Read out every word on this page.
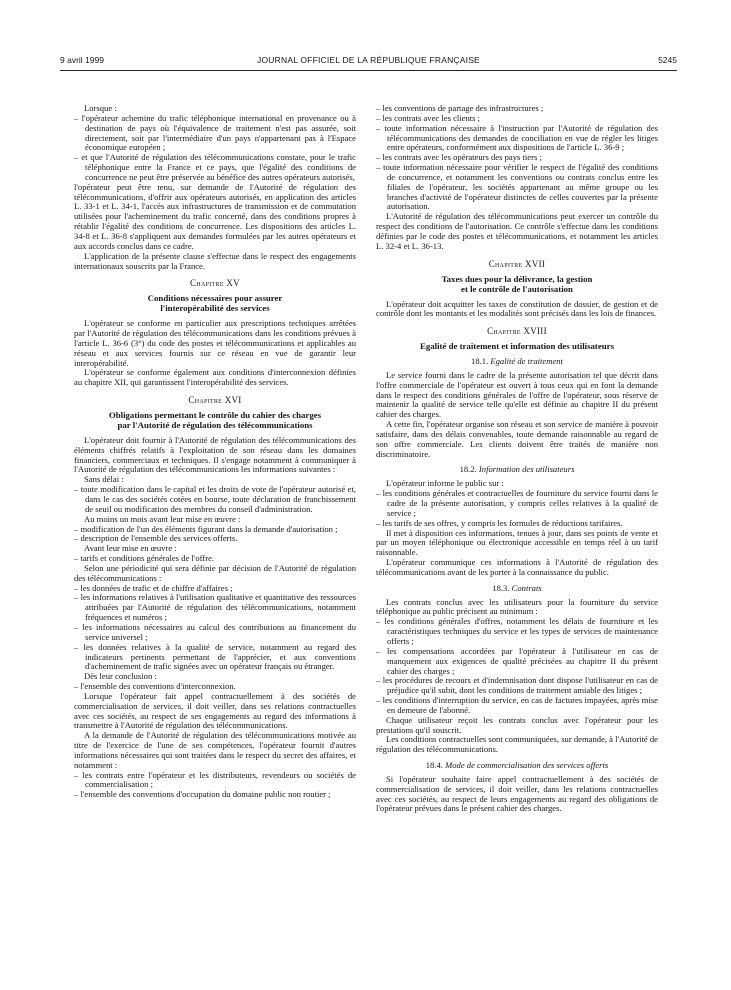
9 avril 1999	JOURNAL OFFICIEL DE LA RÉPUBLIQUE FRANÇAISE	5245

Lorsque :

– l'opérateur achemine du trafic téléphonique international en provenance ou à destination de pays où l'équivalence de traitement n'est pas assurée, soit directement, soit par l'intermédiaire d'un pays n'appartenant pas à l'Espace économique européen ;

– et que l'Autorité de régulation des télécommunications constate, pour le trafic téléphonique entre la France et ce pays, que l'égalité des conditions de concurrence ne peut être préservée au bénéfice des autres opérateurs autorisés,

l'opérateur peut être tenu, sur demande de l'Autorité de régulation des télécommunications, d'offrir aux opérateurs autorisés, en application des articles L. 33-1 et L. 34-1, l'accès aux infrastructures de transmission et de commutation utilisées pour l'acheminement du trafic concerné, dans des conditions propres à rétablir l'égalité des conditions de concurrence. Les dispositions des articles L. 34-8 et L. 36-8 s'appliquent aux demandes formulées par les autres opérateurs et aux accords conclus dans ce cadre.

L'application de la présente clause s'effectue dans le respect des engagements internationaux souscrits par la France.

Chapitre XV
Conditions nécessaires pour assurer
l'interopérabilité des services

L'opérateur se conforme en particulier aux prescriptions techniques arrêtées par l'Autorité de régulation des télécommunications dans les conditions prévues à l'article L. 36-6 (3°) du code des postes et télécommunications et applicables au réseau et aux services fournis sur ce réseau en vue de garantir leur interopérabilité.

L'opérateur se conforme également aux conditions d'interconnexion définies au chapitre XII, qui garantissent l'interopérabilité des services.

Chapitre XVI
Obligations permettant le contrôle du cahier des charges
par l'Autorité de régulation des télécommunications

L'opérateur doit fournir à l'Autorité de régulation des télécommunications des éléments chiffrés relatifs à l'exploitation de son réseau dans les domaines financiers, commerciaux et techniques. Il s'engage notamment à communiquer à l'Autorité de régulation des télécommunications les informations suivantes :

Sans délai :

– toute modification dans le capital et les droits de vote de l'opérateur autorisé et, dans le cas des sociétés cotées en bourse, toute déclaration de franchissement de seuil ou modification des membres du conseil d'administration.

Au moins un mois avant leur mise en œuvre :

– modification de l'un des éléments figurant dans la demande d'autorisation ;

– description de l'ensemble des services offerts.

Avant leur mise en œuvre :

– tarifs et conditions générales de l'offre.

Selon une périodicité qui sera définie par décision de l'Autorité de régulation des télécommunications :

– les données de trafic et de chiffre d'affaires ;

– les informations relatives à l'utilisation qualitative et quantitative des ressources attribuées par l'Autorité de régulation des télécommunications, notamment fréquences et numéros ;

– les informations nécessaires au calcul des contributions au financement du service universel ;

– les données relatives à la qualité de service, notamment au regard des indicateurs pertinents permettant de l'apprécier, et aux conventions d'acheminement de trafic signées avec un opérateur français ou étranger.

Dès leur conclusion :

– l'ensemble des conventions d'interconnexion.

Lorsque l'opérateur fait appel contractuellement à des sociétés de commercialisation de services, il doit veiller, dans ses relations contractuelles avec ces sociétés, au respect de ses engagements au regard des informations à transmettre à l'Autorité de régulation des télécommunications.

A la demande de l'Autorité de régulation des télécommunications motivée au titre de l'exercice de l'une de ses compétences, l'opérateur fournit d'autres informations nécessaires qui sont traitées dans le respect du secret des affaires, et notamment :

– les contrats entre l'opérateur et les distributeurs, revendeurs ou sociétés de commercialisation ;

– l'ensemble des conventions d'occupation du domaine public non routier ;

– les conventions de partage des infrastructures ;

– les contrats avec les clients ;

– toute information nécessaire à l'instruction par l'Autorité de régulation des télécommunications des demandes de conciliation en vue de régler les litiges entre opérateurs, conformément aux dispositions de l'article L. 36-9 ;

– les contrats avec les opérateurs des pays tiers ;

– toute information nécessaire pour vérifier le respect de l'égalité des conditions de concurrence, et notamment les conventions ou contrats conclus entre les filiales de l'opérateur, les sociétés appartenant au même groupe ou les branches d'activité de l'opérateur distinctes de celles couvertes par la présente autorisation.

L'Autorité de régulation des télécommunications peut exercer un contrôle du respect des conditions de l'autorisation. Ce contrôle s'effectue dans les conditions définies par le code des postes et télécommunications, et notamment les articles L. 32-4 et L. 36-13.

Chapitre XVII
Taxes dues pour la délivrance, la gestion
et le contrôle de l'autorisation

L'opérateur doit acquitter les taxes de constitution de dossier, de gestion et de contrôle dont les montants et les modalités sont précisés dans les lois de finances.

Chapitre XVIII
Egalité de traitement et information des utilisateurs
18.1. Egalité de traitement

Le service fourni dans le cadre de la présente autorisation tel que décrit dans l'offre commerciale de l'opérateur est ouvert à tous ceux qui en font la demande dans le respect des conditions générales de l'offre de l'opérateur, sous réserve de maintenir la qualité de service telle qu'elle est définie au chapitre II du présent cahier des charges.

A cette fin, l'opérateur organise son réseau et son service de manière à pouvoir satisfaire, dans des délais convenables, toute demande raisonnable au regard de son offre commerciale. Les clients doivent être traités de manière non discriminatoire.

18.2. Information des utilisateurs

L'opérateur informe le public sur :

– les conditions générales et contractuelles de fourniture du service fourni dans le cadre de la présente autorisation, y compris celles relatives à la qualité de service ;

– les tarifs de ses offres, y compris les formules de réductions tarifaires.

Il met à disposition ces informations, tenues à jour, dans ses points de vente et par un moyen téléphonique ou électronique accessible en temps réel à un tarif raisonnable.

L'opérateur communique ces informations à l'Autorité de régulation des télécommunications avant de les porter à la connaissance du public.

18.3. Contrats

Les contrats conclus avec les utilisateurs pour la fourniture du service téléphonique au public précisent au minimum :

– les conditions générales d'offres, notamment les délais de fourniture et les caractéristiques techniques du service et les types de services de maintenance offerts ;

– les compensations accordées par l'opérateur à l'utilisateur en cas de manquement aux exigences de qualité précisées au chapitre II du présent cahier des charges ;

– les procédures de recours et d'indemnisation dont dispose l'utilisateur en cas de préjudice qu'il subit, dont les conditions de traitement amiable des litiges ;

– les conditions d'interruption du service, en cas de factures impayées, après mise en demeure de l'abonné.

Chaque utilisateur reçoit les contrats conclus avec l'opérateur pour les prestations qu'il souscrit.

Les conditions contractuelles sont communiquées, sur demande, à l'Autorité de régulation des télécommunications.

18.4. Mode de commercialisation des services offerts

Si l'opérateur souhaite faire appel contractuellement à des sociétés de commercialisation de services, il doit veiller, dans les relations contractuelles avec ces sociétés, au respect de leurs engagements au regard des obligations de l'opérateur prévues dans le présent cahier des charges.
